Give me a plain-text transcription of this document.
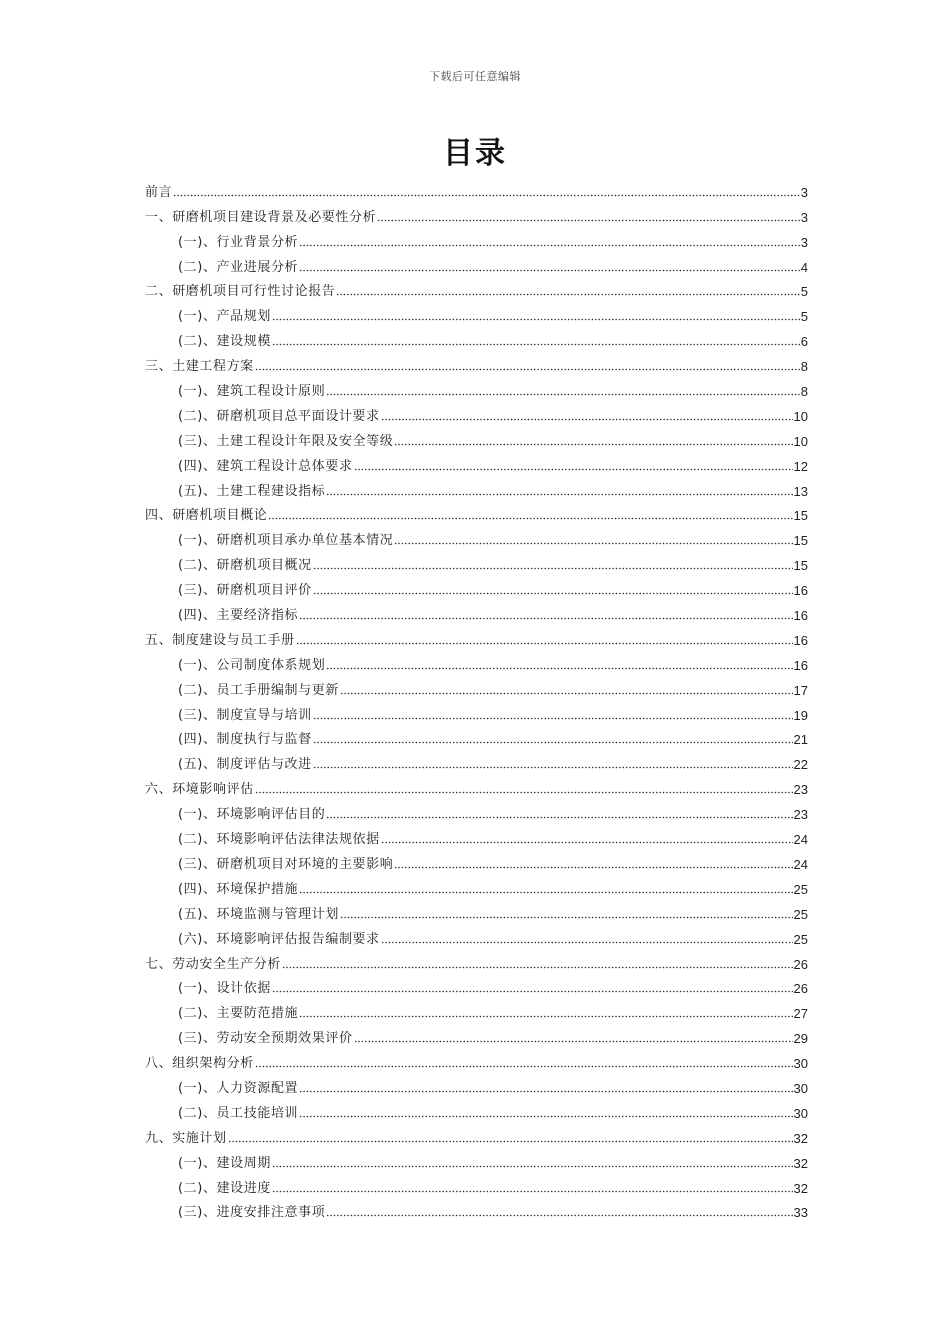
下载后可任意编辑
目录
前言	3
一、研磨机项目建设背景及必要性分析	3
(一)、行业背景分析	3
(二)、产业进展分析	4
二、研磨机项目可行性讨论报告	5
(一)、产品规划	5
(二)、建设规模	6
三、土建工程方案	8
(一)、建筑工程设计原则	8
(二)、研磨机项目总平面设计要求	10
(三)、土建工程设计年限及安全等级	10
(四)、建筑工程设计总体要求	12
(五)、土建工程建设指标	13
四、研磨机项目概论	15
(一)、研磨机项目承办单位基本情况	15
(二)、研磨机项目概况	15
(三)、研磨机项目评价	16
(四)、主要经济指标	16
五、制度建设与员工手册	16
(一)、公司制度体系规划	16
(二)、员工手册编制与更新	17
(三)、制度宣导与培训	19
(四)、制度执行与监督	21
(五)、制度评估与改进	22
六、环境影响评估	23
(一)、环境影响评估目的	23
(二)、环境影响评估法律法规依据	24
(三)、研磨机项目对环境的主要影响	24
(四)、环境保护措施	25
(五)、环境监测与管理计划	25
(六)、环境影响评估报告编制要求	25
七、劳动安全生产分析	26
(一)、设计依据	26
(二)、主要防范措施	27
(三)、劳动安全预期效果评价	29
八、组织架构分析	30
(一)、人力资源配置	30
(二)、员工技能培训	30
九、实施计划	32
(一)、建设周期	32
(二)、建设进度	32
(三)、进度安排注意事项	33
